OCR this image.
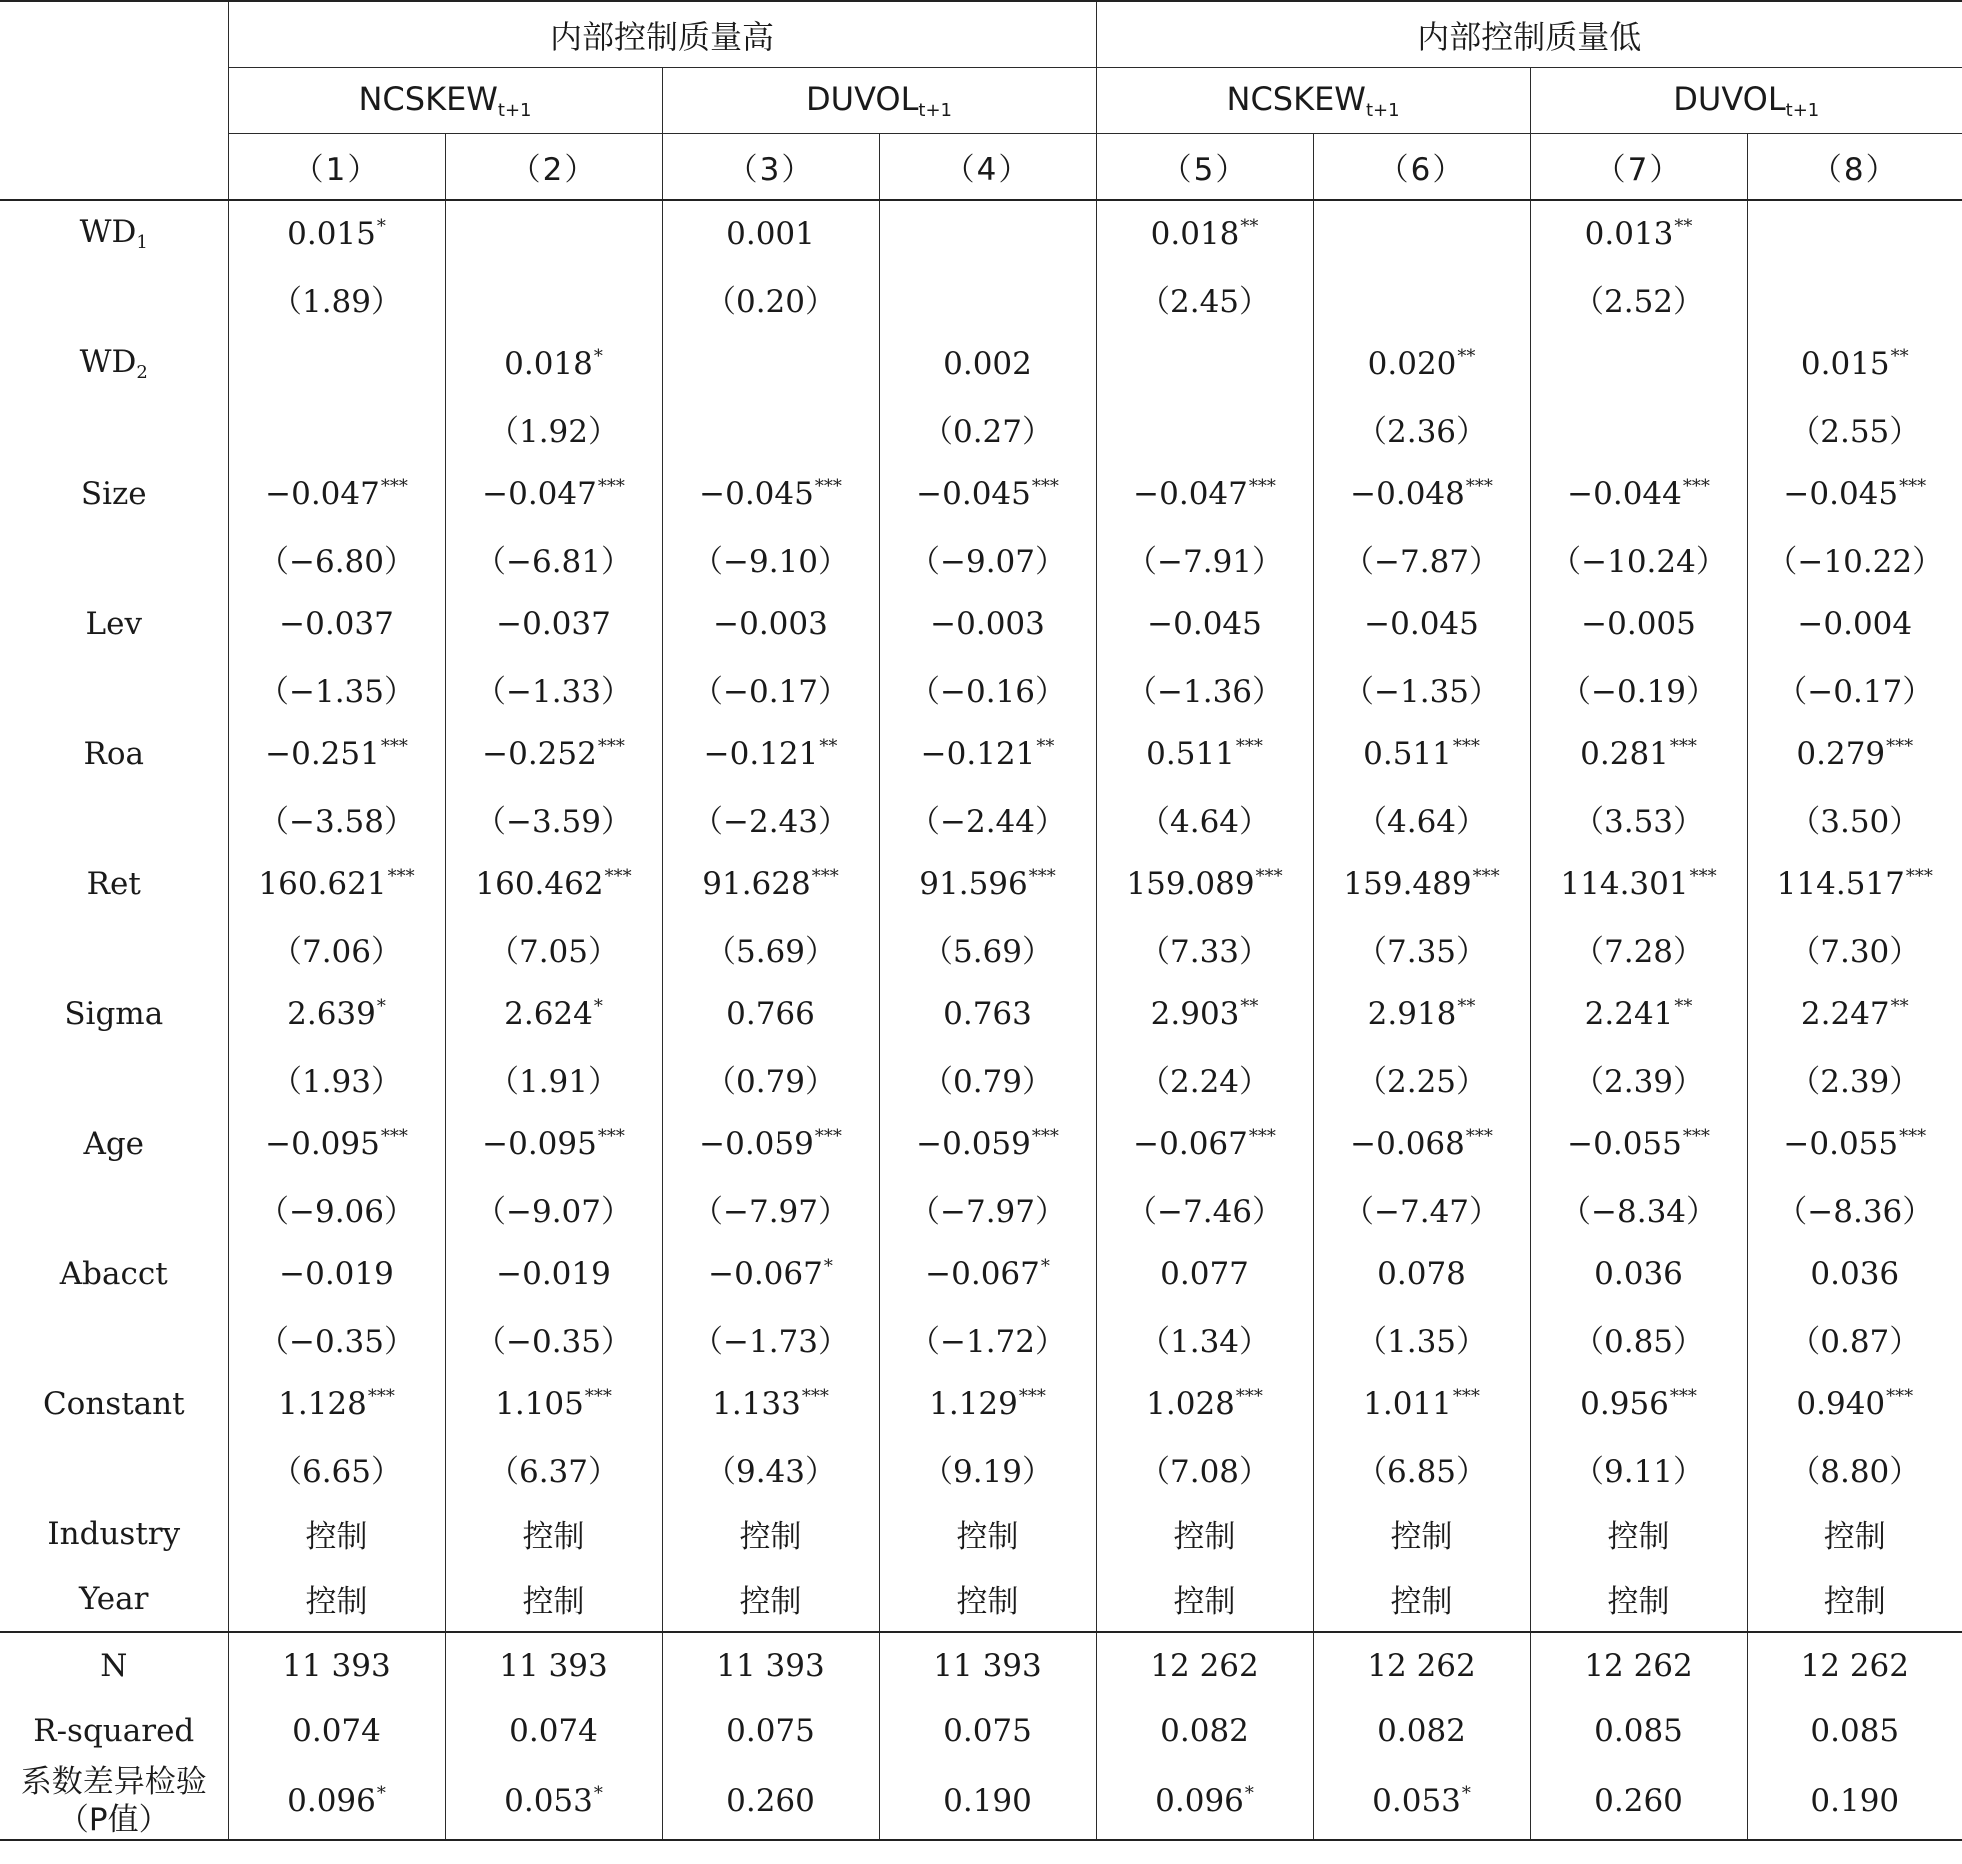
	内部控制质量高				内部控制质量低			
	$NCSKEW_{t+1}$		$DUVOL_{t+1}$		$NCSKEW_{t+1}$		$DUVOL_{t+1}$
	（1）	（2）	（3）	（4）	（5）	（6）	（7）	（8）
$WD_1$	0.015*		0.001		0.018**		0.013**	
	（1.89）		（0.20）		（2.45）		（2.52）	
$WD_2$		0.018*		0.002		0.020**		0.015**
		（1.92）		（0.27）		（2.36）		（2.55）
Size	−0.047***	−0.047***	−0.045***	−0.045***	−0.047***	−0.048***	−0.044***	−0.045***
	（−6.80）	（−6.81）	（−9.10）	（−9.07）	（−7.91）	（−7.87）	（−10.24）	（−10.22）
Lev	−0.037	−0.037	−0.003	−0.003	−0.045	−0.045	−0.005	−0.004
	（−1.35）	（−1.33）	（−0.17）	（−0.16）	（−1.36）	（−1.35）	（−0.19）	（−0.17）
Roa	−0.251***	−0.252***	−0.121**	−0.121**	0.511***	0.511***	0.281***	0.279***
	（−3.58）	（−3.59）	（−2.43）	（−2.44）	（4.64）	（4.64）	（3.53）	（3.50）
Ret	160.621***	160.462***	91.628***	91.596***	159.089***	159.489***	114.301***	114.517***
	（7.06）	（7.05）	（5.69）	（5.69）	（7.33）	（7.35）	（7.28）	（7.30）
Sigma	2.639*	2.624*	0.766	0.763	2.903**	2.918**	2.241**	2.247**
	（1.93）	（1.91）	（0.79）	（0.79）	（2.24）	（2.25）	（2.39）	（2.39）
Age	−0.095***	−0.095***	−0.059***	−0.059***	−0.067***	−0.068***	−0.055***	−0.055***
	（−9.06）	（−9.07）	（−7.97）	（−7.97）	（−7.46）	（−7.47）	（−8.34）	（−8.36）
Abacct	−0.019	−0.019	−0.067*	−0.067*	0.077	0.078	0.036	0.036
	（−0.35）	（−0.35）	（−1.73）	（−1.72）	（1.34）	（1.35）	（0.85）	（0.87）
Constant	1.128***	1.105***	1.133***	1.129***	1.028***	1.011***	0.956***	0.940***
	（6.65）	（6.37）	（9.43）	（9.19）	（7.08）	（6.85）	（9.11）	（8.80）
Industry	控制	控制	控制	控制	控制	控制	控制	控制
Year	控制	控制	控制	控制	控制	控制	控制	控制
N	11 393	11 393	11 393	11 393	12 262	12 262	12 262	12 262
R-squared	0.074	0.074	0.075	0.075	0.082	0.082	0.085	0.085

系数差异检验
（P值）	0.096*	0.053*	0.260	0.190	0.096*	0.053*	0.260	0.190
